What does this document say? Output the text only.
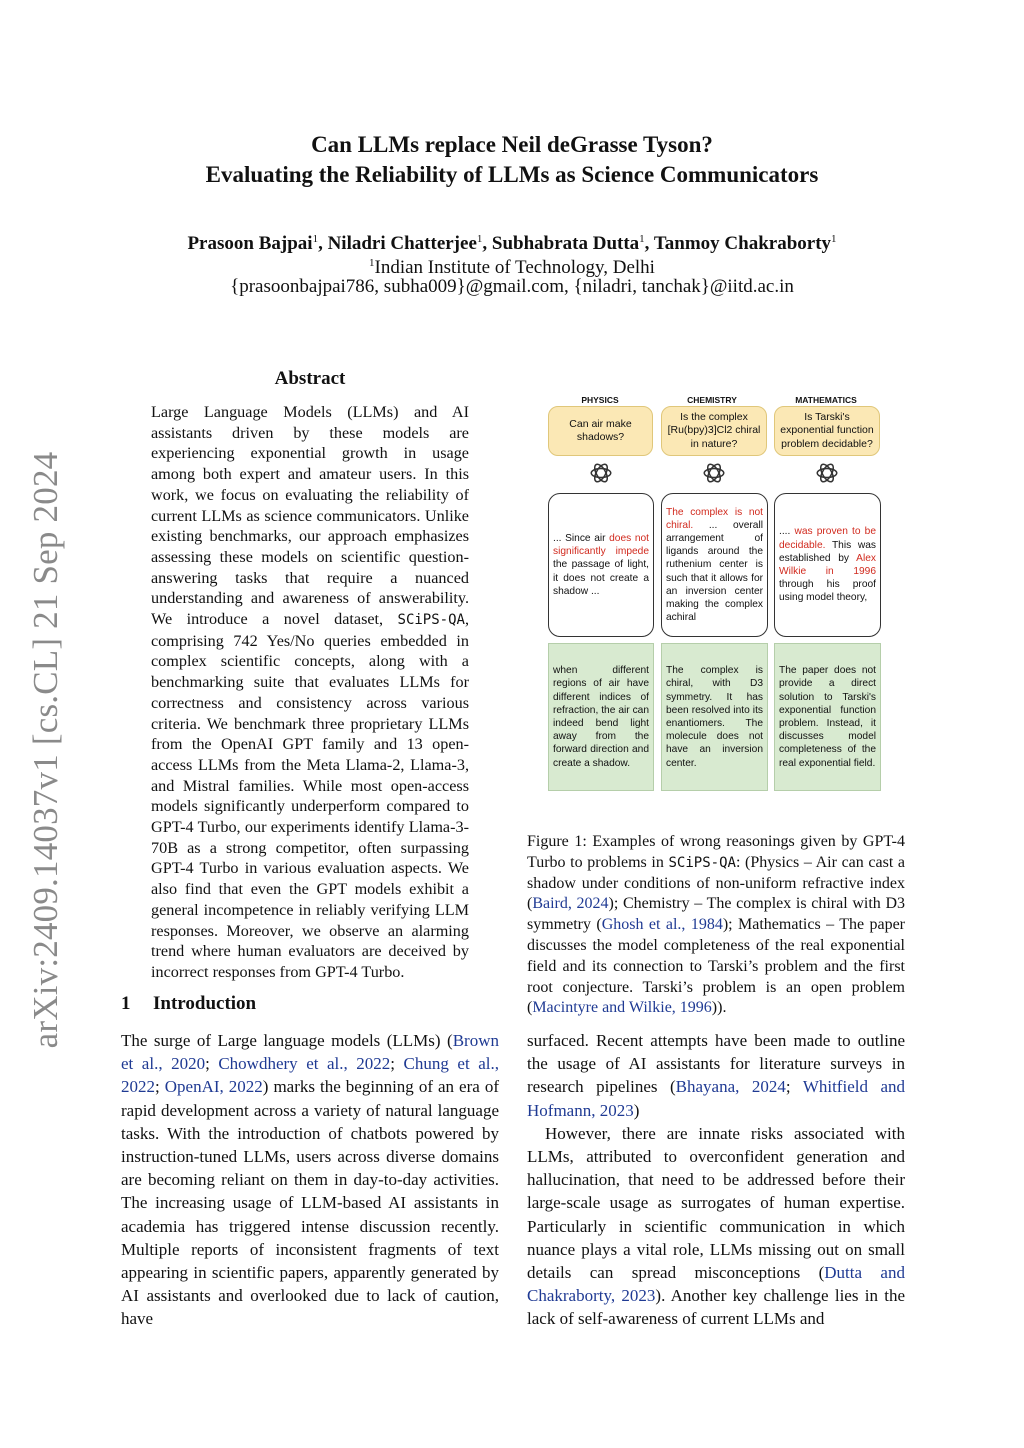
arXiv:2409.14037v1 [cs.CL] 21 Sep 2024
Can LLMs replace Neil deGrasse Tyson?
Evaluating the Reliability of LLMs as Science Communicators
Prasoon Bajpai$^1$, Niladri Chatterjee$^1$, Subhabrata Dutta$^1$, Tanmoy Chakraborty$^1$
$^1$Indian Institute of Technology, Delhi
{prasoonbajpai786, subha009}@gmail.com, {niladri, tanchak}@iitd.ac.in
Abstract
Large Language Models (LLMs) and AI assistants driven by these models are experiencing exponential growth in usage among both expert and amateur users. In this work, we focus on evaluating the reliability of current LLMs as science communicators. Unlike existing benchmarks, our approach emphasizes assessing these models on scientific question-answering tasks that require a nuanced understanding and awareness of answerability. We introduce a novel dataset, SCiPS-QA, comprising 742 Yes/No queries embedded in complex scientific concepts, along with a benchmarking suite that evaluates LLMs for correctness and consistency across various criteria. We benchmark three proprietary LLMs from the OpenAI GPT family and 13 open-access LLMs from the Meta Llama-2, Llama-3, and Mistral families. While most open-access models significantly underperform compared to GPT-4 Turbo, our experiments identify Llama-3-70B as a strong competitor, often surpassing GPT-4 Turbo in various evaluation aspects. We also find that even the GPT models exhibit a general incompetence in reliably verifying LLM responses. Moreover, we observe an alarming trend where human evaluators are deceived by incorrect responses from GPT-4 Turbo.
1 Introduction

The surge of Large language models (LLMs) (Brown et al., 2020; Chowdhery et al., 2022; Chung et al., 2022; OpenAI, 2022) marks the beginning of an era of rapid development across a variety of natural language tasks. With the introduction of chatbots powered by instruction-tuned LLMs, users across diverse domains are becoming reliant on them in day-to-day activities. The increasing usage of LLM-based AI assistants in academia has triggered intense discussion recently. Multiple reports of inconsistent fragments of text appearing in scientific papers, apparently generated by AI assistants and overlooked due to lack of caution, have

surfaced. Recent attempts have been made to outline the usage of AI assistants for literature surveys in research pipelines (Bhayana, 2024; Whitfield and Hofmann, 2023)

However, there are innate risks associated with LLMs, attributed to overconfident generation and hallucination, that need to be addressed before their large-scale usage as surrogates of human expertise. Particularly in scientific communication in which nuance plays a vital role, LLMs missing out on small details can spread misconceptions (Dutta and Chakraborty, 2023). Another key challenge lies in the lack of self-awareness of current LLMs and

PHYSICS	CHEMISTRY	MATHEMATICS
Can air make shadows?
Is the complex [Ru(bpy)3]Cl2 chiral in nature?
Is Tarski's exponential function problem decidable?
... Since air does not significantly impede the passage of light, it does not create a shadow ...
The complex is not chiral. ... overall arrangement of ligands around the ruthenium center is such that it allows for an inversion center making the complex achiral
.... was proven to be decidable. This was established by Alex Wilkie in 1996 through his proof using model theory,
when different regions of air have different indices of refraction, the air can indeed bend light away from the forward direction and create a shadow.
The complex is chiral, with D3 symmetry. It has been resolved into its enantiomers. The molecule does not have an inversion center.
The paper does not provide a direct solution to Tarski's exponential function problem. Instead, it discusses model completeness of the real exponential field.
Figure 1: Examples of wrong reasonings given by GPT-4 Turbo to problems in SCiPS-QA: (Physics – Air can cast a shadow under conditions of non-uniform refractive index (Baird, 2024); Chemistry – The complex is chiral with D3 symmetry (Ghosh et al., 1984); Mathematics – The paper discusses the model completeness of the real exponential field and its connection to Tarski’s problem and the first root conjecture. Tarski’s problem is an open problem (Macintyre and Wilkie, 1996)).
